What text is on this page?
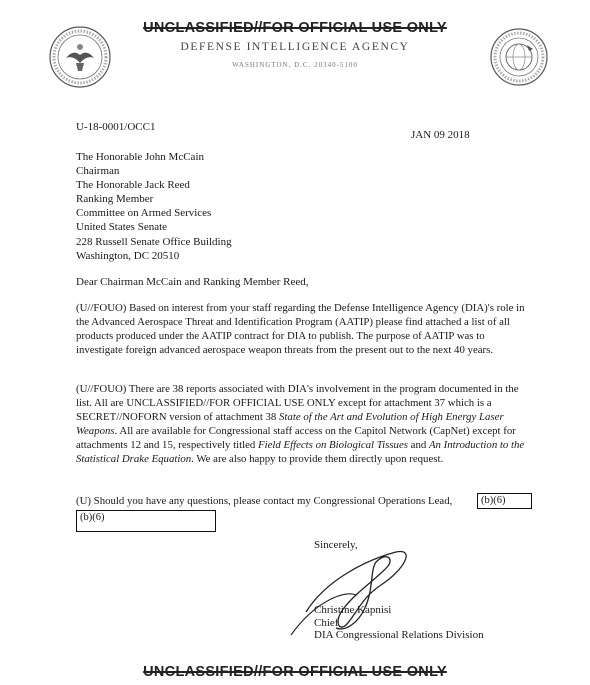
UNCLASSIFIED//FOR OFFICIAL USE ONLY
DEFENSE INTELLIGENCE AGENCY
WASHINGTON, D.C. 20340-5100
U-18-0001/OCC1
JAN 09 2018
The Honorable John McCain
Chairman
The Honorable Jack Reed
Ranking Member
Committee on Armed Services
United States Senate
228 Russell Senate Office Building
Washington, DC 20510
Dear Chairman McCain and Ranking Member Reed,
(U//FOUO) Based on interest from your staff regarding the Defense Intelligence Agency (DIA)'s role in the Advanced Aerospace Threat and Identification Program (AATIP) please find attached a list of all products produced under the AATIP contract for DIA to publish. The purpose of AATIP was to investigate foreign advanced aerospace weapon threats from the present out to the next 40 years.
(U//FOUO) There are 38 reports associated with DIA's involvement in the program documented in the list. All are UNCLASSIFIED//FOR OFFICIAL USE ONLY except for attachment 37 which is a SECRET//NOFORN version of attachment 38 State of the Art and Evolution of High Energy Laser Weapons. All are available for Congressional staff access on the Capitol Network (CapNet) except for attachments 12 and 15, respectively titled Field Effects on Biological Tissues and An Introduction to the Statistical Drake Equation. We are also happy to provide them directly upon request.
(U) Should you have any questions, please contact my Congressional Operations Lead,	(b)(6)
(b)(6)
Sincerely,
Christine Kapnisi
Chief
DIA Congressional Relations Division
UNCLASSIFIED//FOR OFFICIAL USE ONLY
